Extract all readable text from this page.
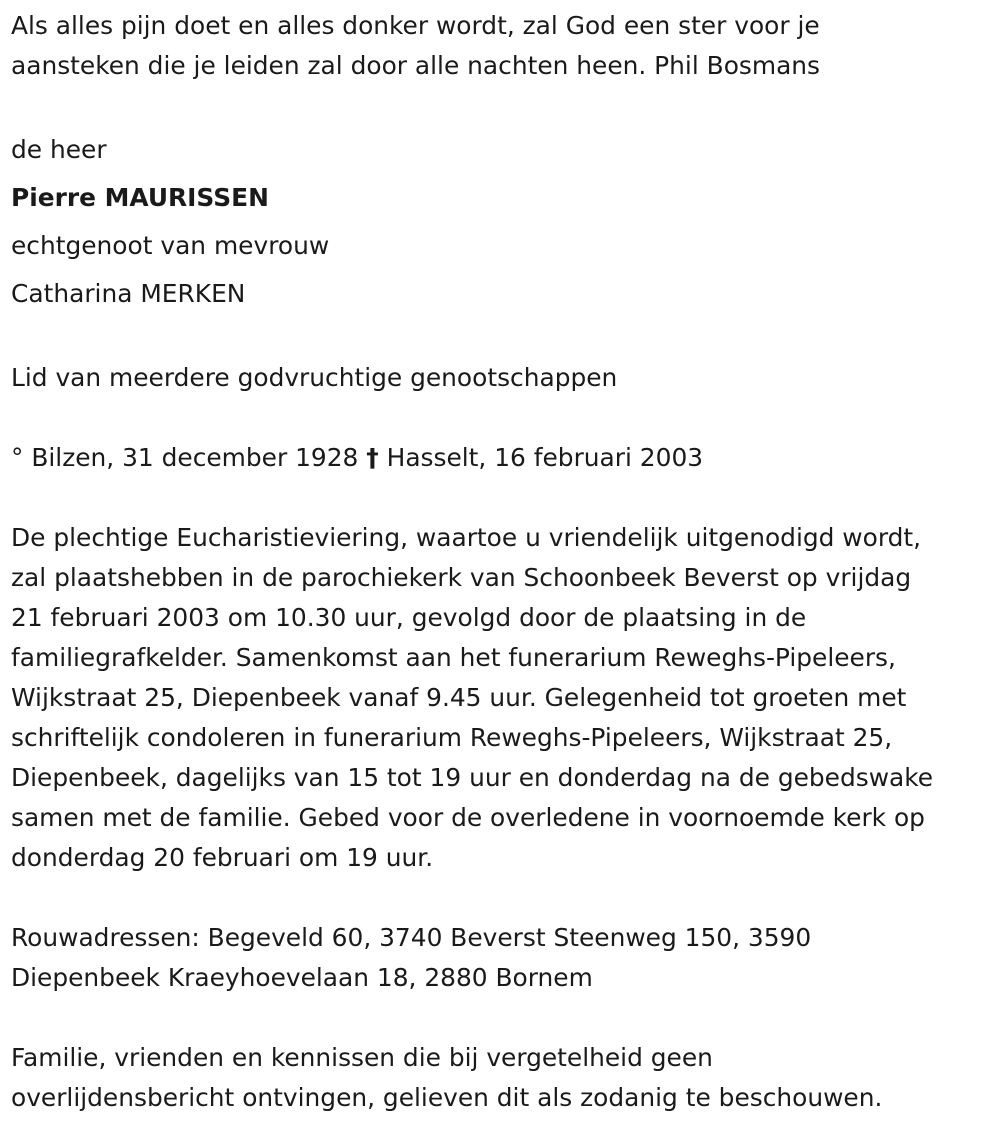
Als alles pijn doet en alles donker wordt, zal God een ster voor je
aansteken die je leiden zal door alle nachten heen. Phil Bosmans
de heer
Pierre MAURISSEN
echtgenoot van mevrouw
Catharina MERKEN
Lid van meerdere godvruchtige genootschappen
° Bilzen, 31 december 1928 † Hasselt, 16 februari 2003
De plechtige Eucharistieviering, waartoe u vriendelijk uitgenodigd wordt,
zal plaatshebben in de parochiekerk van Schoonbeek Beverst op vrijdag
21 februari 2003 om 10.30 uur, gevolgd door de plaatsing in de
familiegrafkelder. Samenkomst aan het funerarium Reweghs-Pipeleers,
Wijkstraat 25, Diepenbeek vanaf 9.45 uur. Gelegenheid tot groeten met
schriftelijk condoleren in funerarium Reweghs-Pipeleers, Wijkstraat 25,
Diepenbeek, dagelijks van 15 tot 19 uur en donderdag na de gebedswake
samen met de familie. Gebed voor de overledene in voornoemde kerk op
donderdag 20 februari om 19 uur.
Rouwadressen: Begeveld 60, 3740 Beverst Steenweg 150, 3590
Diepenbeek Kraeyhoevelaan 18, 2880 Bornem
Familie, vrienden en kennissen die bij vergetelheid geen
overlijdensbericht ontvingen, gelieven dit als zodanig te beschouwen.
